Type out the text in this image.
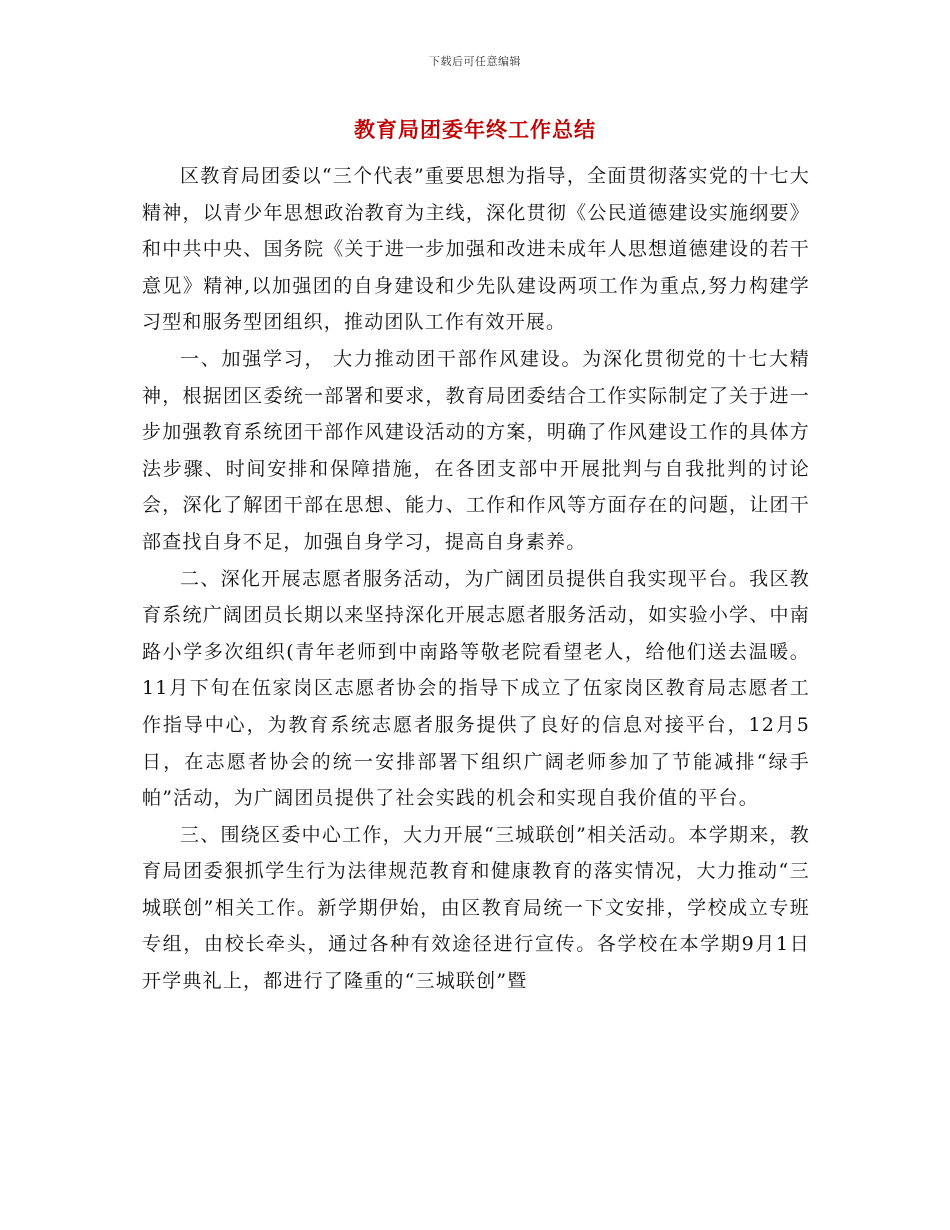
下载后可任意编辑
教育局团委年终工作总结

区教育局团委以“三个代表”重要思想为指导，全面贯彻落实党的十七大精神，以青少年思想政治教育为主线，深化贯彻《公民道德建设实施纲要》和中共中央、国务院《关于进一步加强和改进未成年人思想道德建设的若干意见》精神,以加强团的自身建设和少先队建设两项工作为重点,努力构建学习型和服务型团组织，推动团队工作有效开展。

一、加强学习， 大力推动团干部作风建设。为深化贯彻党的十七大精神，根据团区委统一部署和要求，教育局团委结合工作实际制定了关于进一步加强教育系统团干部作风建设活动的方案，明确了作风建设工作的具体方法步骤、时间安排和保障措施，在各团支部中开展批判与自我批判的讨论会，深化了解团干部在思想、能力、工作和作风等方面存在的问题，让团干部查找自身不足，加强自身学习，提高自身素养。

二、深化开展志愿者服务活动，为广阔团员提供自我实现平台。我区教育系统广阔团员长期以来坚持深化开展志愿者服务活动，如实验小学、中南路小学多次组织(青年老师到中南路等敬老院看望老人，给他们送去温暖。11月下旬在伍家岗区志愿者协会的指导下成立了伍家岗区教育局志愿者工作指导中心，为教育系统志愿者服务提供了良好的信息对接平台，12月5日，在志愿者协会的统一安排部署下组织广阔老师参加了节能减排“绿手帕”活动，为广阔团员提供了社会实践的机会和实现自我价值的平台。

三、围绕区委中心工作，大力开展“三城联创”相关活动。本学期来，教育局团委狠抓学生行为法律规范教育和健康教育的落实情况，大力推动“三城联创”相关工作。新学期伊始，由区教育局统一下文安排，学校成立专班专组，由校长牵头，通过各种有效途径进行宣传。各学校在本学期9月1日开学典礼上，都进行了隆重的“三城联创”暨
